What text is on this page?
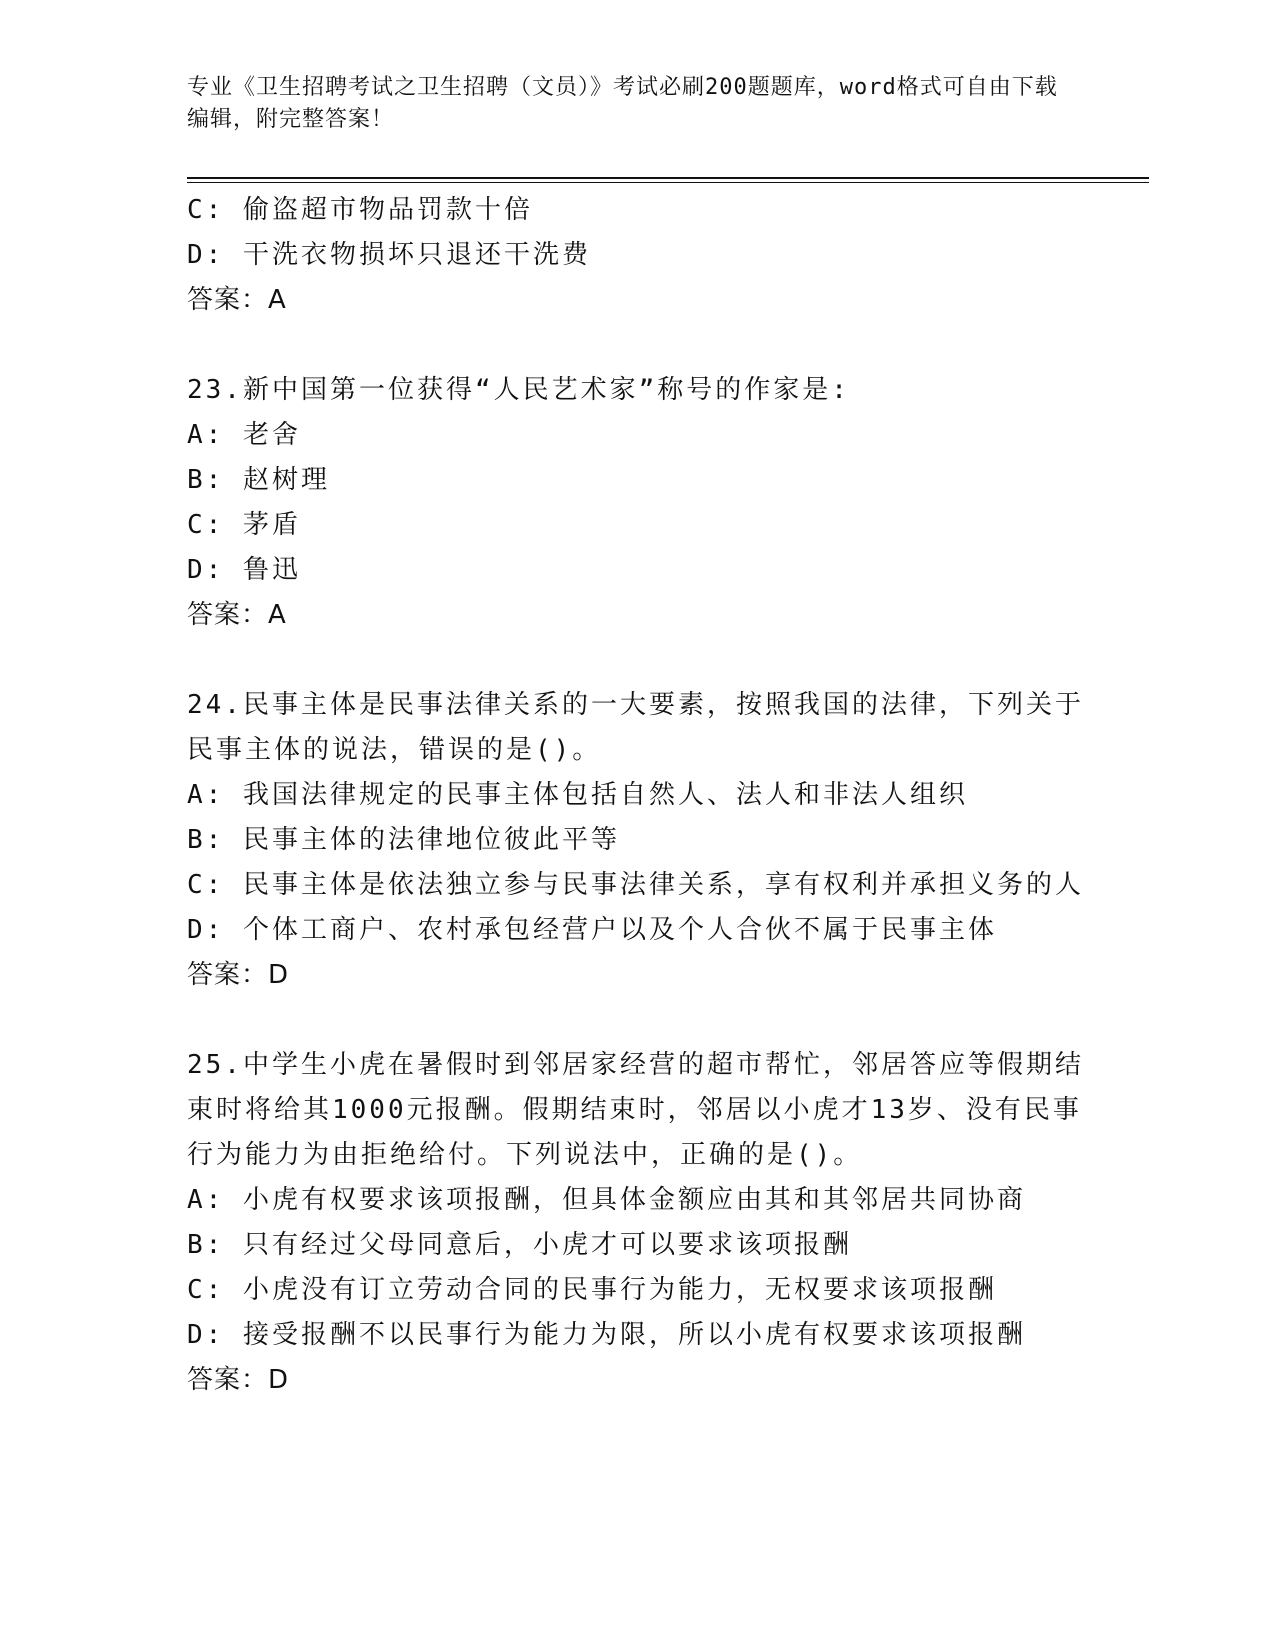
专业《卫生招聘考试之卫生招聘（文员）》考试必刷200题题库，word格式可自由下载编辑，附完整答案！

C: 偷盗超市物品罚款十倍

D: 干洗衣物损坏只退还干洗费

答案：A

23.新中国第一位获得“人民艺术家”称号的作家是:

A: 老舍

B: 赵树理

C: 茅盾

D: 鲁迅

答案：A

24.民事主体是民事法律关系的一大要素，按照我国的法律，下列关于民事主体的说法，错误的是()。

A: 我国法律规定的民事主体包括自然人、法人和非法人组织

B: 民事主体的法律地位彼此平等

C: 民事主体是依法独立参与民事法律关系，享有权利并承担义务的人

D: 个体工商户、农村承包经营户以及个人合伙不属于民事主体

答案：D

25.中学生小虎在暑假时到邻居家经营的超市帮忙，邻居答应等假期结束时将给其1000元报酬。假期结束时，邻居以小虎才13岁、没有民事行为能力为由拒绝给付。下列说法中，正确的是()。

A: 小虎有权要求该项报酬，但具体金额应由其和其邻居共同协商

B: 只有经过父母同意后，小虎才可以要求该项报酬

C: 小虎没有订立劳动合同的民事行为能力，无权要求该项报酬

D: 接受报酬不以民事行为能力为限，所以小虎有权要求该项报酬

答案：D
